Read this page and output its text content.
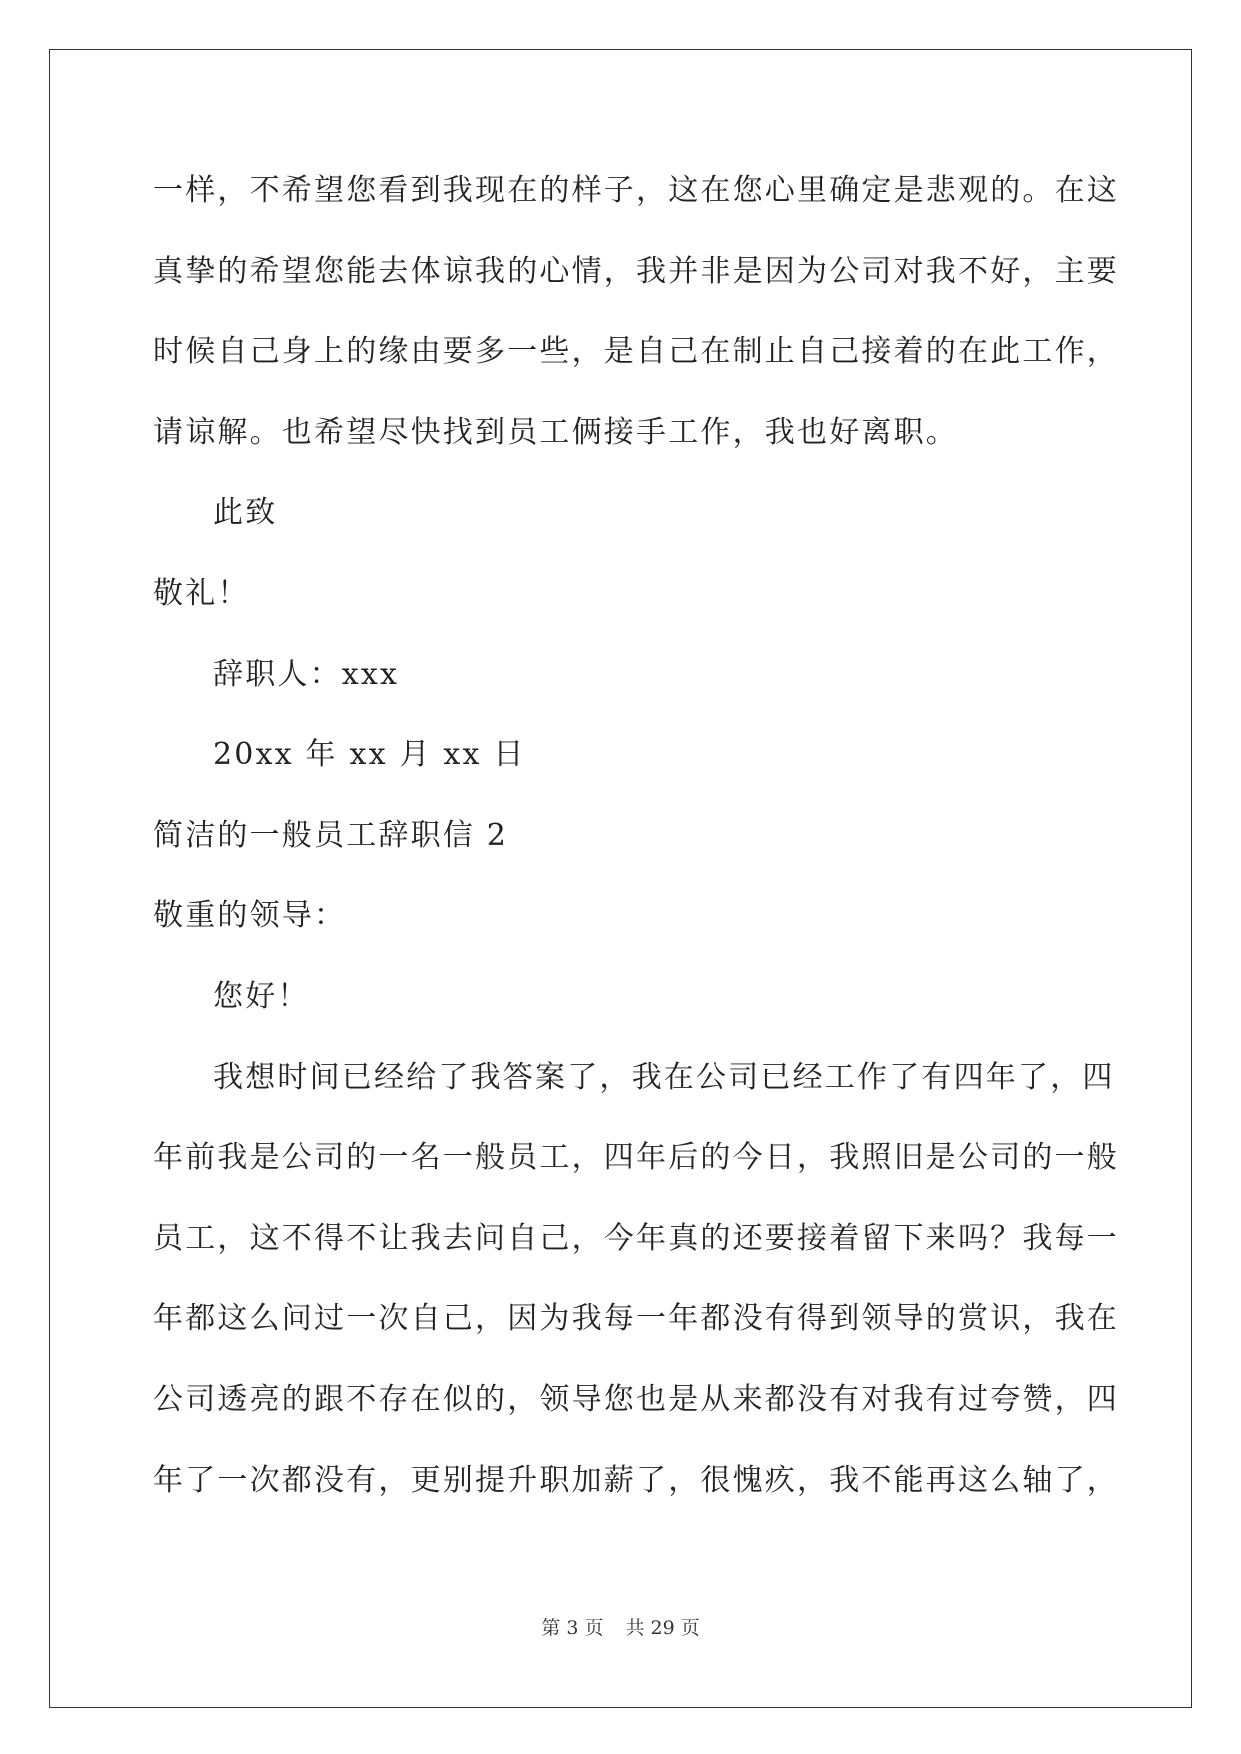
一样，不希望您看到我现在的样子，这在您心里确定是悲观的。在这
真挚的希望您能去体谅我的心情，我并非是因为公司对我不好，主要
时候自己身上的缘由要多一些，是自己在制止自己接着的在此工作，
请谅解。也希望尽快找到员工俩接手工作，我也好离职。
此致
敬礼！
辞职人：xxx
20xx 年 xx 月 xx 日
简洁的一般员工辞职信 2
敬重的领导：
您好！
我想时间已经给了我答案了，我在公司已经工作了有四年了，四
年前我是公司的一名一般员工，四年后的今日，我照旧是公司的一般
员工，这不得不让我去问自己，今年真的还要接着留下来吗？我每一
年都这么问过一次自己，因为我每一年都没有得到领导的赏识，我在
公司透亮的跟不存在似的，领导您也是从来都没有对我有过夸赞，四
年了一次都没有，更别提升职加薪了，很愧疚，我不能再这么轴了，
第 3 页 共 29 页
